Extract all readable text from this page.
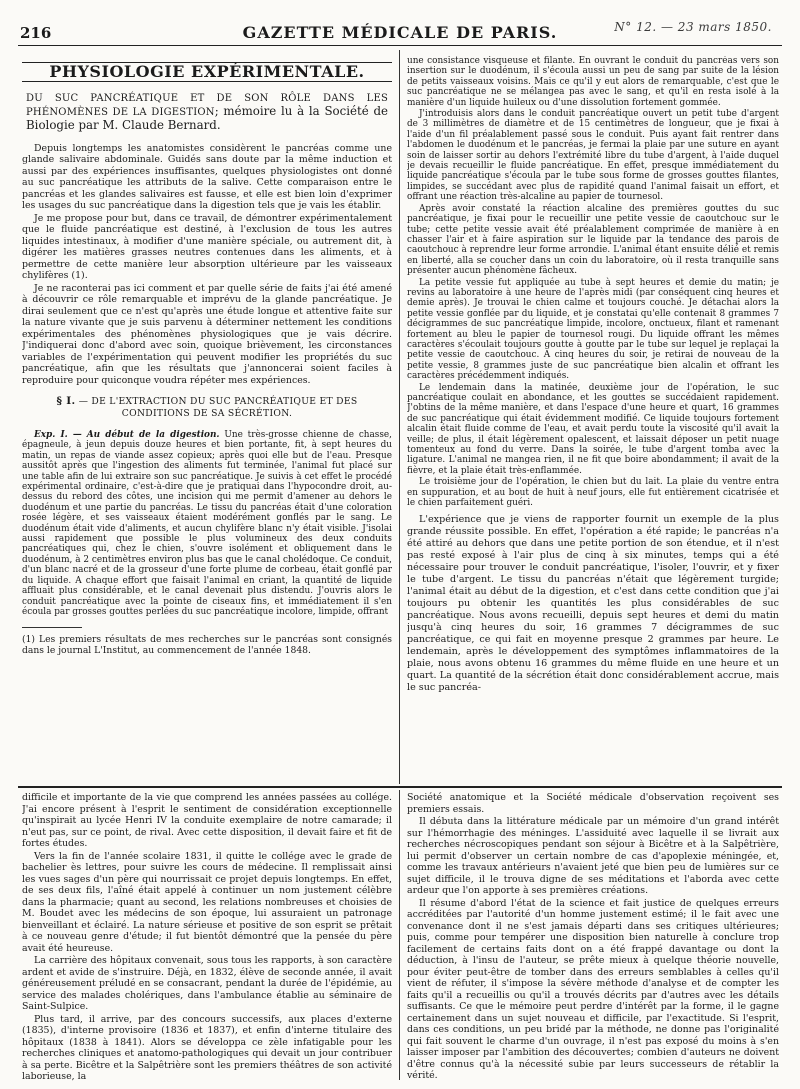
216	GAZETTE MÉDICALE DE PARIS.	N° 12. — 23 mars 1850.
PHYSIOLOGIE EXPÉRIMENTALE.
DU SUC PANCRÉATIQUE ET DE SON RÔLE DANS LES PHÉNOMÈNES DE LA DIGESTION; mémoire lu à la Société de Biologie par M. Claude Bernard.

Depuis longtemps les anatomistes considèrent le pancréas comme une glande salivaire abdominale. Guidés sans doute par la même induction et aussi par des expériences insuffisantes, quelques physiologistes ont donné au suc pancréatique les attributs de la salive. Cette comparaison entre le pancréas et les glandes salivaires est fausse, et elle est bien loin d'exprimer les usages du suc pancréatique dans la digestion tels que je vais les établir.

Je me propose pour but, dans ce travail, de démontrer expérimentalement que le fluide pancréatique est destiné, à l'exclusion de tous les autres liquides intestinaux, à modifier d'une manière spéciale, ou autrement dit, à digérer les matières grasses neutres contenues dans les aliments, et à permettre de cette manière leur absorption ultérieure par les vaisseaux chylifères (1).

Je ne raconterai pas ici comment et par quelle série de faits j'ai été amené à découvrir ce rôle remarquable et imprévu de la glande pancréatique. Je dirai seulement que ce n'est qu'après une étude longue et attentive faite sur la nature vivante que je suis parvenu à déterminer nettement les conditions expérimentales des phénomènes physiologiques que je vais décrire. J'indiquerai donc d'abord avec soin, quoique brièvement, les circonstances variables de l'expérimentation qui peuvent modifier les propriétés du suc pancréatique, afin que les résultats que j'annoncerai soient faciles à reproduire pour quiconque voudra répéter mes expériences.

§ I. — DE L'EXTRACTION DU SUC PANCRÉATIQUE ET DES CONDITIONS DE SA SÉCRÉTION.

Exp. I. — Au début de la digestion. Une très-grosse chienne de chasse, épagneule, à jeun depuis douze heures et bien portante, fit, à sept heures du matin, un repas de viande assez copieux; après quoi elle but de l'eau. Presque aussitôt après que l'ingestion des aliments fut terminée, l'animal fut placé sur une table afin de lui extraire son suc pancréatique. Je suivis à cet effet le procédé expérimental ordinaire, c'est-à-dire que je pratiquai dans l'hypocondre droit, au-dessus du rebord des côtes, une incision qui me permit d'amener au dehors le duodénum et une partie du pancréas. Le tissu du pancréas était d'une coloration rosée légère, et ses vaisseaux étaient modérément gonflés par le sang. Le duodénum était vide d'aliments, et aucun chylifère blanc n'y était visible. J'isolai aussi rapidement que possible le plus volumineux des deux conduits pancréatiques qui, chez le chien, s'ouvre isolément et obliquement dans le duodénum, à 2 centimètres environ plus bas que le canal cholédoque. Ce conduit, d'un blanc nacré et de la grosseur d'une forte plume de corbeau, était gonflé par du liquide. A chaque effort que faisait l'animal en criant, la quantité de liquide affluait plus considérable, et le canal devenait plus distendu. J'ouvris alors le conduit pancréatique avec la pointe de ciseaux fins, et immédiatement il s'en écoula par grosses gouttes perlées du suc pancréatique incolore, limpide, offrant

(1) Les premiers résultats de mes recherches sur le pancréas sont consignés dans le journal L'Institut, au commencement de l'année 1848.

une consistance visqueuse et filante. En ouvrant le conduit du pancréas vers son insertion sur le duodénum, il s'écoula aussi un peu de sang par suite de la lésion de petits vaisseaux voisins. Mais ce qu'il y eut alors de remarquable, c'est que le suc pancréatique ne se mélangea pas avec le sang, et qu'il en resta isolé à la manière d'un liquide huileux ou d'une dissolution fortement gommée.

J'introduisis alors dans le conduit pancréatique ouvert un petit tube d'argent de 3 millimètres de diamètre et de 15 centimètres de longueur, que je fixai à l'aide d'un fil préalablement passé sous le conduit. Puis ayant fait rentrer dans l'abdomen le duodénum et le pancréas, je fermai la plaie par une suture en ayant soin de laisser sortir au dehors l'extrémité libre du tube d'argent, à l'aide duquel je devais recueillir le fluide pancréatique. En effet, presque immédiatement du liquide pancréatique s'écoula par le tube sous forme de grosses gouttes filantes, limpides, se succédant avec plus de rapidité quand l'animal faisait un effort, et offrant une réaction très-alcaline au papier de tournesol.

Après avoir constaté la réaction alcaline des premières gouttes du suc pancréatique, je fixai pour le recueillir une petite vessie de caoutchouc sur le tube; cette petite vessie avait été préalablement comprimée de manière à en chasser l'air et à faire aspiration sur le liquide par la tendance des parois de caoutchouc à reprendre leur forme arrondie. L'animal étant ensuite délié et remis en liberté, alla se coucher dans un coin du laboratoire, où il resta tranquille sans présenter aucun phénomène fâcheux.

La petite vessie fut appliquée au tube à sept heures et demie du matin; je revins au laboratoire à une heure de l'après midi (par conséquent cinq heures et demie après). Je trouvai le chien calme et toujours couché. Je détachai alors la petite vessie gonflée par du liquide, et je constatai qu'elle contenait 8 grammes 7 décigrammes de suc pancréatique limpide, incolore, onctueux, filant et ramenant fortement au bleu le papier de tournesol rougi. Du liquide offrant les mêmes caractères s'écoulait toujours goutte à goutte par le tube sur lequel je replaçai la petite vessie de caoutchouc. A cinq heures du soir, je retirai de nouveau de la petite vessie, 8 grammes juste de suc pancréatique bien alcalin et offrant les caractères précédemment indiqués.

Le lendemain dans la matinée, deuxième jour de l'opération, le suc pancréatique coulait en abondance, et les gouttes se succédaient rapidement. J'obtins de la même manière, et dans l'espace d'une heure et quart, 16 grammes de suc pancréatique qui était évidemment modifié. Ce liquide toujours fortement alcalin était fluide comme de l'eau, et avait perdu toute la viscosité qu'il avait la veille; de plus, il était légèrement opalescent, et laissait déposer un petit nuage tomenteux au fond du verre. Dans la soirée, le tube d'argent tomba avec la ligature. L'animal ne mangea rien, il ne fit que boire abondamment; il avait de la fièvre, et la plaie était très-enflammée.

Le troisième jour de l'opération, le chien but du lait. La plaie du ventre entra en suppuration, et au bout de huit à neuf jours, elle fut entièrement cicatrisée et le chien parfaitement guéri.

L'expérience que je viens de rapporter fournit un exemple de la plus grande réussite possible. En effet, l'opération a été rapide; le pancréas n'a été attiré au dehors que dans une petite portion de son étendue, et il n'est pas resté exposé à l'air plus de cinq à six minutes, temps qui a été nécessaire pour trouver le conduit pancréatique, l'isoler, l'ouvrir, et y fixer le tube d'argent. Le tissu du pancréas n'était que légèrement turgide; l'animal était au début de la digestion, et c'est dans cette condition que j'ai toujours pu obtenir les quantités les plus considérables de suc pancréatique. Nous avons recueilli, depuis sept heures et demi du matin jusqu'à cinq heures du soir, 16 grammes 7 décigrammes de suc pancréatique, ce qui fait en moyenne presque 2 grammes par heure. Le lendemain, après le développement des symptômes inflammatoires de la plaie, nous avons obtenu 16 grammes du même fluide en une heure et un quart. La quantité de la sécrétion était donc considérablement accrue, mais le suc pancréa-

difficile et importante de la vie que comprend les années passées au collége. J'ai encore présent à l'esprit le sentiment de considération exceptionnelle qu'inspirait au lycée Henri IV la conduite exemplaire de notre camarade; il n'eut pas, sur ce point, de rival. Avec cette disposition, il devait faire et fit de fortes études.

Vers la fin de l'année scolaire 1831, il quitte le collége avec le grade de bachelier ès lettres, pour suivre les cours de médecine. Il remplissait ainsi les vues sages d'un père qui nourrissait ce projet depuis longtemps. En effet, de ses deux fils, l'aîné était appelé à continuer un nom justement célèbre dans la pharmacie; quant au second, les relations nombreuses et choisies de M. Boudet avec les médecins de son époque, lui assuraient un patronage bienveillant et éclairé. La nature sérieuse et positive de son esprit se prêtait à ce nouveau genre d'étude; il fut bientôt démontré que la pensée du père avait été heureuse.

La carrière des hôpitaux convenait, sous tous les rapports, à son caractère ardent et avide de s'instruire. Déjà, en 1832, élève de seconde année, il avait généreusement préludé en se consacrant, pendant la durée de l'épidémie, au service des malades cholériques, dans l'ambulance établie au séminaire de Saint-Sulpice.

Plus tard, il arrive, par des concours successifs, aux places d'externe (1835), d'interne provisoire (1836 et 1837), et enfin d'interne titulaire des hôpitaux (1838 à 1841). Alors se développa ce zèle infatigable pour les recherches cliniques et anatomo-pathologiques qui devait un jour contribuer à sa perte. Bicêtre et la Salpêtrière sont les premiers théâtres de son activité laborieuse, la

Société anatomique et la Société médicale d'observation reçoivent ses premiers essais.

Il débuta dans la littérature médicale par un mémoire d'un grand intérêt sur l'hémorrhagie des méninges. L'assiduité avec laquelle il se livrait aux recherches nécroscopiques pendant son séjour à Bicêtre et à la Salpêtrière, lui permit d'observer un certain nombre de cas d'apoplexie méningée, et, comme les travaux antérieurs n'avaient jeté que bien peu de lumières sur ce sujet difficile, il le trouva digne de ses méditations et l'aborda avec cette ardeur que l'on apporte à ses premières créations.

Il résume d'abord l'état de la science et fait justice de quelques erreurs accréditées par l'autorité d'un homme justement estimé; il le fait avec une convenance dont il ne s'est jamais départi dans ses critiques ultérieures; puis, comme pour tempérer une disposition bien naturelle à conclure trop facilement de certains faits dont on a été frappé davantage ou dont la déduction, à l'insu de l'auteur, se prête mieux à quelque théorie nouvelle, pour éviter peut-être de tomber dans des erreurs semblables à celles qu'il vient de réfuter, il s'impose la sévère méthode d'analyse et de compter les faits qu'il a recueillis ou qu'il a trouvés décrits par d'autres avec les détails suffisants. Ce que le mémoire peut perdre d'intérêt par la forme, il le gagne certainement dans un sujet nouveau et difficile, par l'exactitude. Si l'esprit, dans ces conditions, un peu bridé par la méthode, ne donne pas l'originalité qui fait souvent le charme d'un ouvrage, il n'est pas exposé du moins à s'en laisser imposer par l'ambition des découvertes; combien d'auteurs ne doivent d'être connus qu'à la nécessité subie par leurs successeurs de rétablir la vérité.
